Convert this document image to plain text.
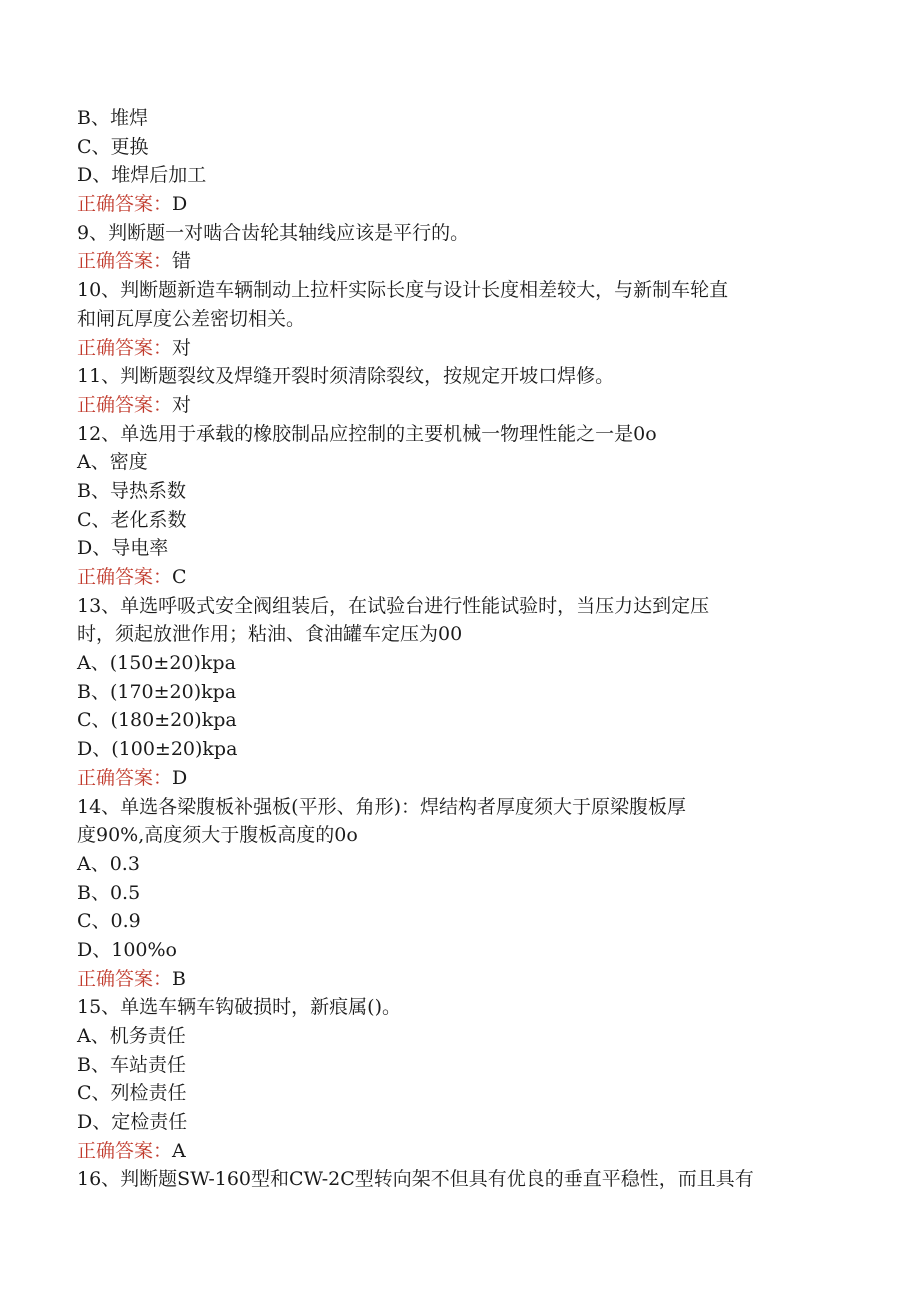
B、堆焊
C、更换
D、堆焊后加工
正确答案：D
9、判断题一对啮合齿轮其轴线应该是平行的。
正确答案：错
10、判断题新造车辆制动上拉杆实际长度与设计长度相差较大，与新制车轮直
和闸瓦厚度公差密切相关。
正确答案：对
11、判断题裂纹及焊缝开裂时须清除裂纹，按规定开坡口焊修。
正确答案：对
12、单选用于承载的橡胶制品应控制的主要机械一物理性能之一是0o
A、密度
B、导热系数
C、老化系数
D、导电率
正确答案：C
13、单选呼吸式安全阀组装后，在试验台进行性能试验时，当压力达到定压
时，须起放泄作用；粘油、食油罐车定压为00
A、(150±20)kpa
B、(170±20)kpa
C、(180±20)kpa
D、(100±20)kpa
正确答案：D
14、单选各梁腹板补强板(平形、角形)：焊结构者厚度须大于原梁腹板厚
度90%,高度须大于腹板高度的0o
A、0.3
B、0.5
C、0.9
D、100%o
正确答案：B
15、单选车辆车钩破损时，新痕属()。
A、机务责任
B、车站责任
C、列检责任
D、定检责任
正确答案：A
16、判断题SW-160型和CW-2C型转向架不但具有优良的垂直平稳性，而且具有
